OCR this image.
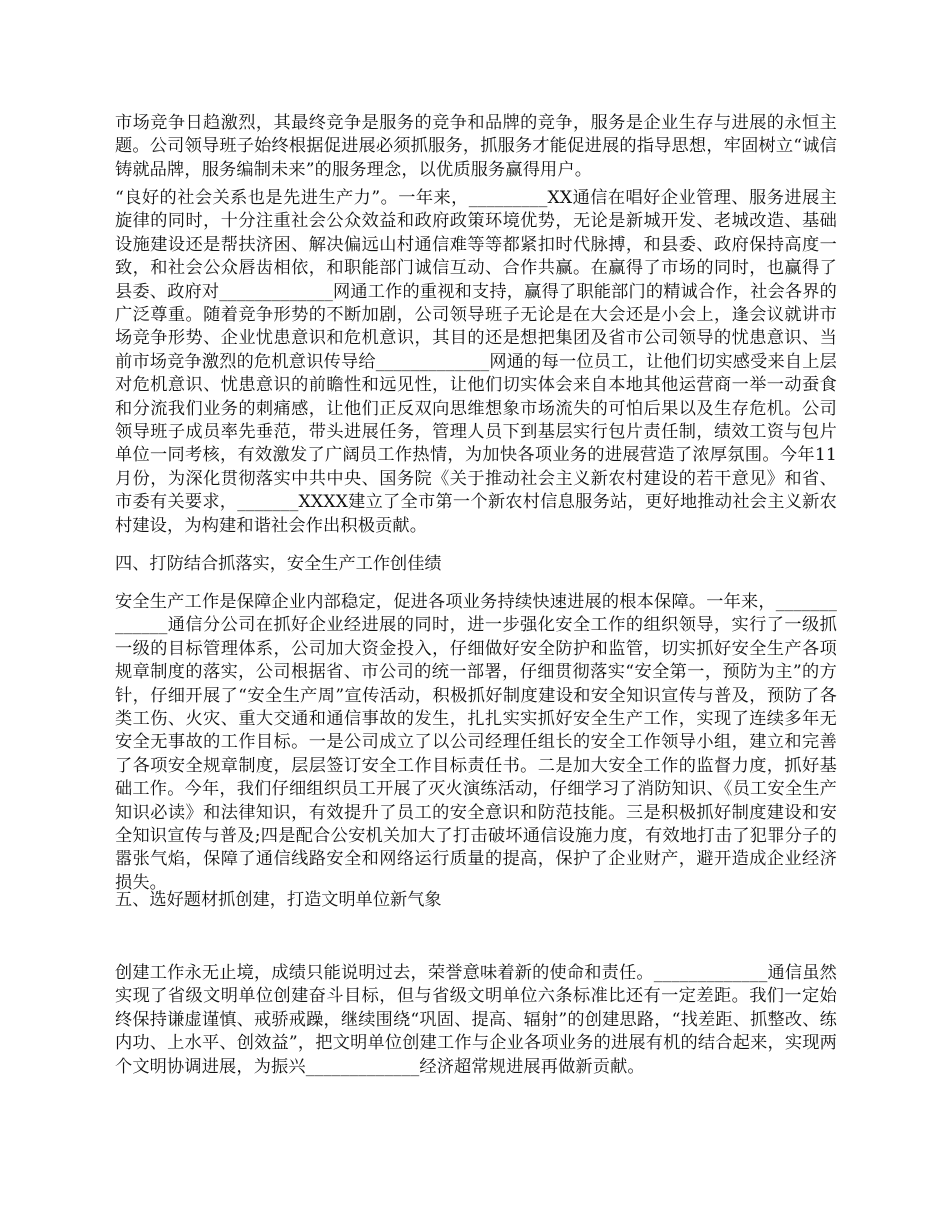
市场竞争日趋激烈，其最终竞争是服务的竞争和品牌的竞争，服务是企业生存与进展的永恒主题。公司领导班子始终根据促进展必须抓服务，抓服务才能促进展的指导思想，牢固树立“诚信铸就品牌，服务编制未来”的服务理念，以优质服务赢得用户。

“良好的社会关系也是先进生产力”。一年来，_________XX通信在唱好企业管理、服务进展主旋律的同时，十分注重社会公众效益和政府政策环境优势，无论是新城开发、老城改造、基础设施建设还是帮扶济困、解决偏远山村通信难等等都紧扣时代脉搏，和县委、政府保持高度一致，和社会公众唇齿相依，和职能部门诚信互动、合作共赢。在赢得了市场的同时，也赢得了县委、政府对_____________网通工作的重视和支持，赢得了职能部门的精诚合作，社会各界的广泛尊重。随着竞争形势的不断加剧，公司领导班子无论是在大会还是小会上，逢会议就讲市场竞争形势、企业忧患意识和危机意识，其目的还是想把集团及省市公司领导的忧患意识、当前市场竞争激烈的危机意识传导给_____________网通的每一位员工，让他们切实感受来自上层对危机意识、忧患意识的前瞻性和远见性，让他们切实体会来自本地其他运营商一举一动蚕食和分流我们业务的刺痛感，让他们正反双向思维想象市场流失的可怕后果以及生存危机。公司领导班子成员率先垂范，带头进展任务，管理人员下到基层实行包片责任制，绩效工资与包片单位一同考核，有效激发了广阔员工作热情，为加快各项业务的进展营造了浓厚氛围。今年11月份，为深化贯彻落实中共中央、国务院《关于推动社会主义新农村建设的若干意见》和省、市委有关要求，_______XXXX建立了全市第一个新农村信息服务站，更好地推动社会主义新农村建设，为构建和谐社会作出积极贡献。

四、打防结合抓落实，安全生产工作创佳绩

安全生产工作是保障企业内部稳定，促进各项业务持续快速进展的根本保障。一年来，_____________通信分公司在抓好企业经进展的同时，进一步强化安全工作的组织领导，实行了一级抓一级的目标管理体系，公司加大资金投入，仔细做好安全防护和监管，切实抓好安全生产各项规章制度的落实，公司根据省、市公司的统一部署，仔细贯彻落实“安全第一，预防为主”的方针，仔细开展了“安全生产周”宣传活动，积极抓好制度建设和安全知识宣传与普及，预防了各类工伤、火灾、重大交通和通信事故的发生，扎扎实实抓好安全生产工作，实现了连续多年无安全无事故的工作目标。一是公司成立了以公司经理任组长的安全工作领导小组，建立和完善了各项安全规章制度，层层签订安全工作目标责任书。二是加大安全工作的监督力度，抓好基础工作。今年，我们仔细组织员工开展了灭火演练活动，仔细学习了消防知识、《员工安全生产知识必读》和法律知识，有效提升了员工的安全意识和防范技能。三是积极抓好制度建设和安全知识宣传与普及;四是配合公安机关加大了打击破坏通信设施力度，有效地打击了犯罪分子的嚣张气焰，保障了通信线路安全和网络运行质量的提高，保护了企业财产，避开造成企业经济损失。

五、选好题材抓创建，打造文明单位新气象

创建工作永无止境，成绩只能说明过去，荣誉意味着新的使命和责任。_____________通信虽然实现了省级文明单位创建奋斗目标，但与省级文明单位六条标准比还有一定差距。我们一定始终保持谦虚谨慎、戒骄戒躁，继续围绕“巩固、提高、辐射”的创建思路，“找差距、抓整改、练内功、上水平、创效益”，把文明单位创建工作与企业各项业务的进展有机的结合起来，实现两个文明协调进展，为振兴_____________经济超常规进展再做新贡献。
